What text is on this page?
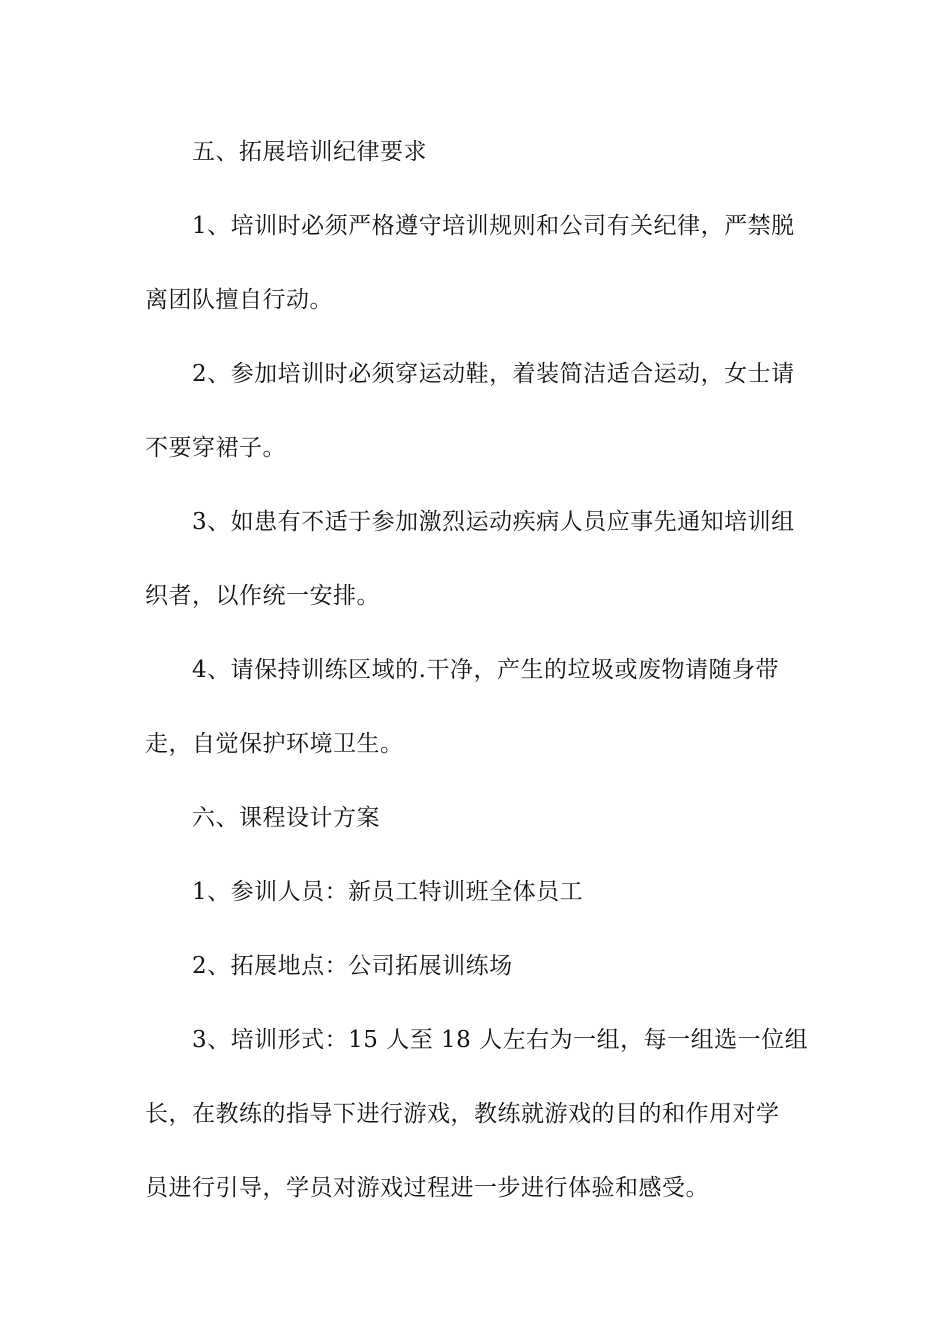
五、拓展培训纪律要求
1、培训时必须严格遵守培训规则和公司有关纪律，严禁脱
离团队擅自行动。
2、参加培训时必须穿运动鞋，着装简洁适合运动，女士请
不要穿裙子。
3、如患有不适于参加激烈运动疾病人员应事先通知培训组
织者，以作统一安排。
4、请保持训练区域的.干净，产生的垃圾或废物请随身带
走，自觉保护环境卫生。
六、课程设计方案
1、参训人员：新员工特训班全体员工
2、拓展地点：公司拓展训练场
3、培训形式：15 人至 18 人左右为一组，每一组选一位组
长，在教练的指导下进行游戏，教练就游戏的目的和作用对学
员进行引导，学员对游戏过程进一步进行体验和感受。
